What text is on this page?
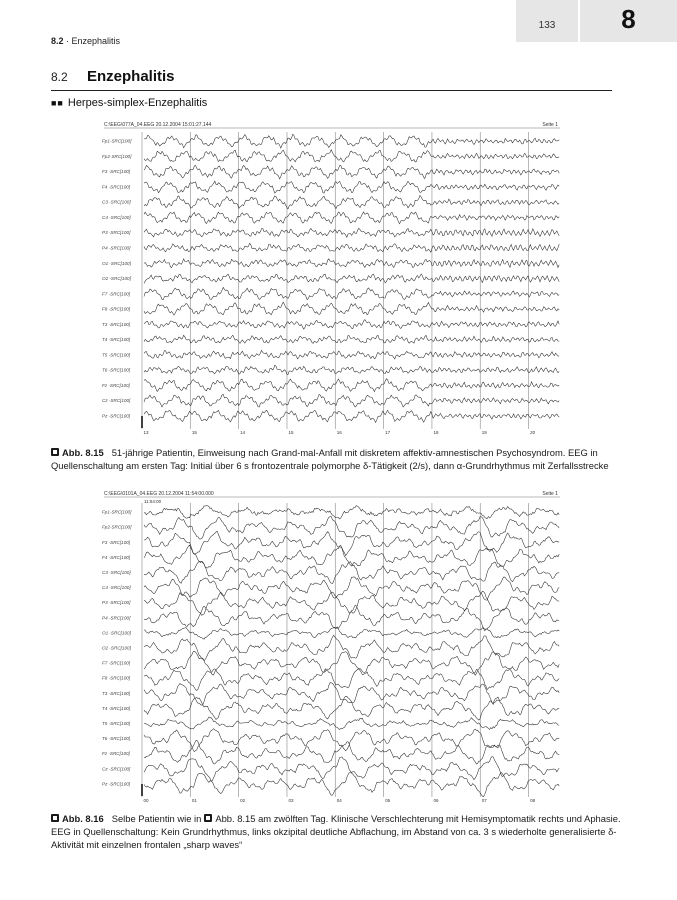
133	8
8.2 · Enzephalitis
8.2 Enzephalitis
■■ Herpes-simplex-Enzephalitis
C:\EEG\077A_04.EEG 20.12.2004 15:01:27.144	Seite 1
13	15	14	15	16	17	18	19	20
Fp1-SRC[100]
Fp2-SRC[100]
F3 -SRC[100]
F4 -SRC[100]
C3 -SRC[100]
C4 -SRC[100]
P3 -SRC[100]
P4 -SRC[100]
O1 -SRC[100]
O2 -SRC[100]
F7 -SRC[100]
F8 -SRC[100]
T3 -SRC[100]
T4 -SRC[100]
T5 -SRC[100]
T6 -SRC[100]
Fz -SRC[100]
Cz -SRC[100]
Pz -SRC[100]
Abb. 8.15 51-jährige Patientin, Einweisung nach Grand-mal-Anfall mit diskretem affektiv-amnestischen Psychosyndrom. EEG in Quellenschaltung am ersten Tag: Initial über 6 s frontozentrale polymorphe δ-Tätigkeit (2/s), dann α-Grundrhythmus mit Zerfallsstrecke
C:\EEG\0101A_04.EEG 20.12.2004 11:54:00.000	Seite 1
11:54:00
00	01	02	03	04	05	06	07	08
Fp1-SRC[100]
Fp2-SRC[100]
F3 -SRC[100]
F4 -SRC[100]
C3 -SRC[100]
C4 -SRC[100]
P3 -SRC[100]
P4 -SRC[100]
O1 -SRC[100]
O2 -SRC[100]
F7 -SRC[100]
F8 -SRC[100]
T3 -SRC[100]
T4 -SRC[100]
T5 -SRC[100]
T6 -SRC[100]
Fz -SRC[100]
Cz -SRC[100]
Pz -SRC[100]
Abb. 8.16 Selbe Patientin wie in Abb. 8.15 am zwölften Tag. Klinische Verschlechterung mit Hemisymptomatik rechts und Aphasie. EEG in Quellenschaltung: Kein Grundrhythmus, links okzipital deutliche Abflachung, im Abstand von ca. 3 s wiederholte generalisierte δ-Aktivität mit einzelnen frontalen „sharp waves“
